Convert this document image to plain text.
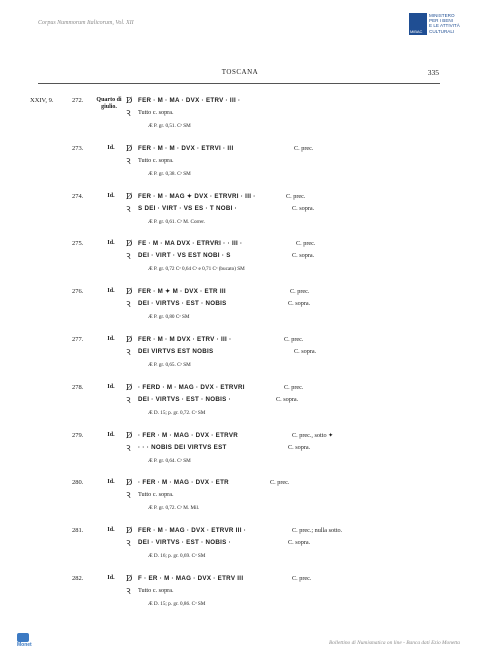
Corpus Nummorum Italicorum, Vol. XII
MiBAC
MINISTERO
PER I BENI
E LE ATTIVITÀ
CULTURALI
TOSCANA	335
XXIV, 9.	272. Quarto di giulio.
D̸ FER · M · MA · DVX · ETRV · III ·
Ꝛ Tutto c. sopra.
Æ P. gr. 0,51. Cᵃ SM
273.	Id.	D̸ FER · M · M · DVX · ETRVI · III	C. prec.
Ꝛ Tutto c. sopra.
Æ P. gr. 0,38. Cᵃ SM
274.	Id.	D̸ FER · M · MAG ✦ DVX · ETRVRI · III ·	C. prec.
Ꝛ S DEI · VIRT · VS ES · T NOBI ·	C. sopra.
Æ P. gr. 0,61. Cᵃ M. Correr.
275.	Id.	D̸ FE · M · MA DVX · ETRVRI · · III ·	C. prec.
Ꝛ DEI · VIRT · VS EST NOBI · S	C. sopra.
Æ P. gr. 0,72 Cᵃ 0,64 Cᵃ e 0,71 Cᵃ (bucato) SM
276.	Id.	D̸ FER · M ✦ M · DVX · ETR III	C. prec.
Ꝛ DEI · VIRTVS · EST · NOBIS	C. sopra.
Æ P. gr. 0,80 Cᵃ SM
277.	Id.	D̸ FER · M · M DVX · ETRV · III ·	C. prec.
Ꝛ DEI VIRTVS EST NOBIS	C. sopra.
Æ P. gr. 0,65. Cᵃ SM
278.	Id.	D̸ · FERD · M · MAG · DVX · ETRVRI	C. prec.
Ꝛ DEI · VIRTVS · EST · NOBIS ·	C. sopra.
Æ D. 15; p. gr. 0,72. Cᵃ SM
279.	Id.	D̸ · FER · M · MAG · DVX · ETRVR	C. prec., sotto ✦
Ꝛ · · · NOBIS DEI VIRTVS EST	C. sopra.
Æ P. gr. 0,64. Cᵃ SM
280.	Id.	D̸ · FER · M · MAG · DVX · ETR	C. prec.
Ꝛ Tutto c. sopra.
Æ P. gr. 0,72. Cᵃ M. Mil.
281.	Id.	D̸ FER · M · MAG · DVX · ETRVR III ·	C. prec.; nulla sotto.
Ꝛ DEI · VIRTVS · EST · NOBIS ·	C. sopra.
Æ D. 16; p. gr. 0,69. Cᵃ SM
282.	Id.	D̸ F · ER · M · MAG · DVX · ETRV III	C. prec.
Ꝛ Tutto c. sopra.
Æ D. 15; p. gr. 0,86. Cᵃ SM
Monet	Bollettino di Numismatica on line - Banca dati Ezio Monetta
